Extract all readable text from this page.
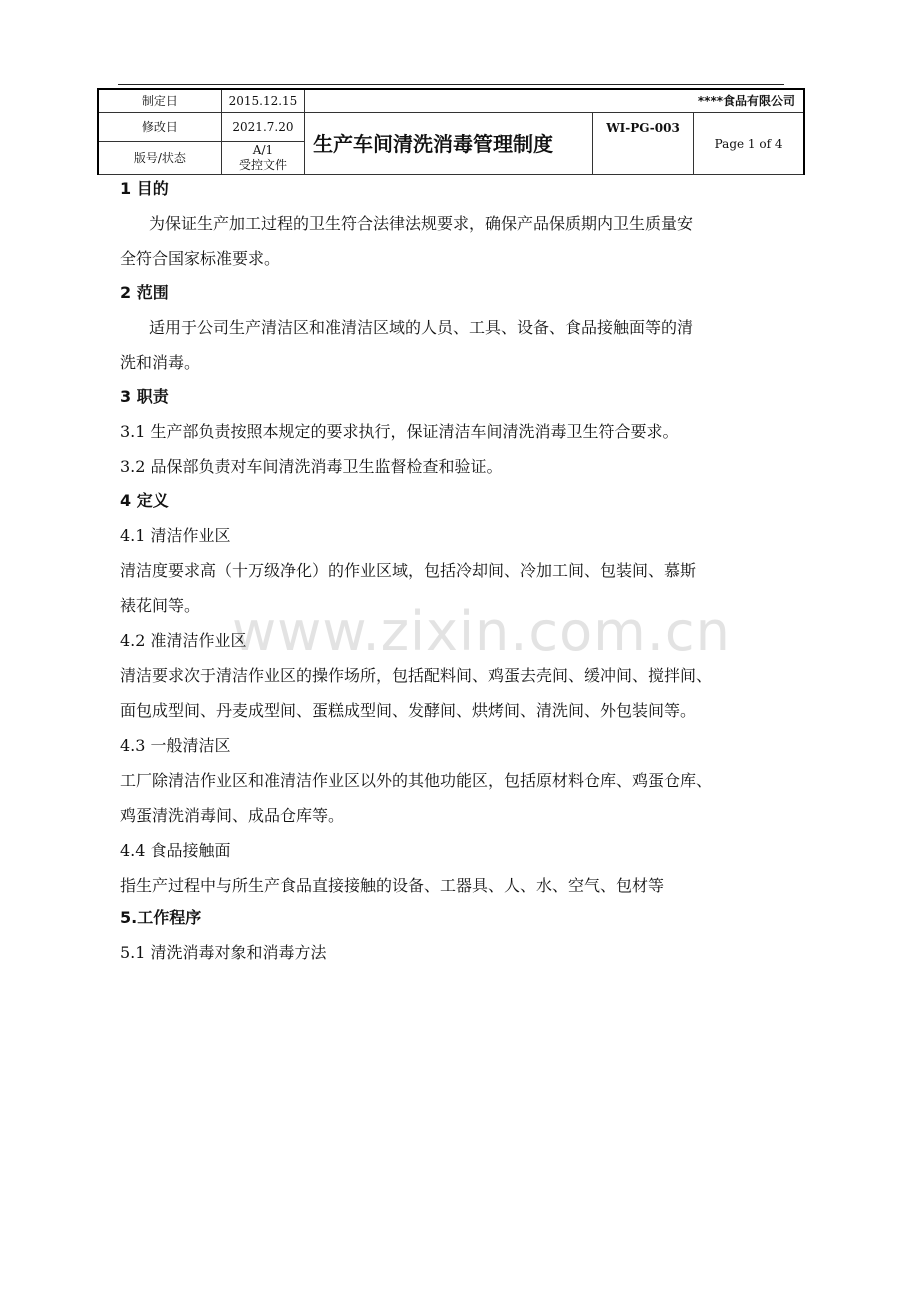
制定日	2015.12.15	****食品有限公司		
修改日	2021.7.20	生产车间清洗消毒管理制度	WI-PG-003	Page 1 of 4
版号/状态	A/1
受控文件			
www.zixin.com.cn

1 目的

为保证生产加工过程的卫生符合法律法规要求，确保产品保质期内卫生质量安

全符合国家标准要求。

2 范围

适用于公司生产清洁区和准清洁区域的人员、工具、设备、食品接触面等的清

洗和消毒。

3 职责

3.1 生产部负责按照本规定的要求执行，保证清洁车间清洗消毒卫生符合要求。

3.2 品保部负责对车间清洗消毒卫生监督检查和验证。

4 定义

4.1 清洁作业区

清洁度要求高（十万级净化）的作业区域，包括冷却间、冷加工间、包装间、慕斯

裱花间等。

4.2 准清洁作业区

清洁要求次于清洁作业区的操作场所，包括配料间、鸡蛋去壳间、缓冲间、搅拌间、

面包成型间、丹麦成型间、蛋糕成型间、发酵间、烘烤间、清洗间、外包装间等。

4.3 一般清洁区

工厂除清洁作业区和准清洁作业区以外的其他功能区，包括原材料仓库、鸡蛋仓库、

鸡蛋清洗消毒间、成品仓库等。

4.4 食品接触面

指生产过程中与所生产食品直接接触的设备、工器具、人、水、空气、包材等

5.工作程序

5.1 清洗消毒对象和消毒方法
